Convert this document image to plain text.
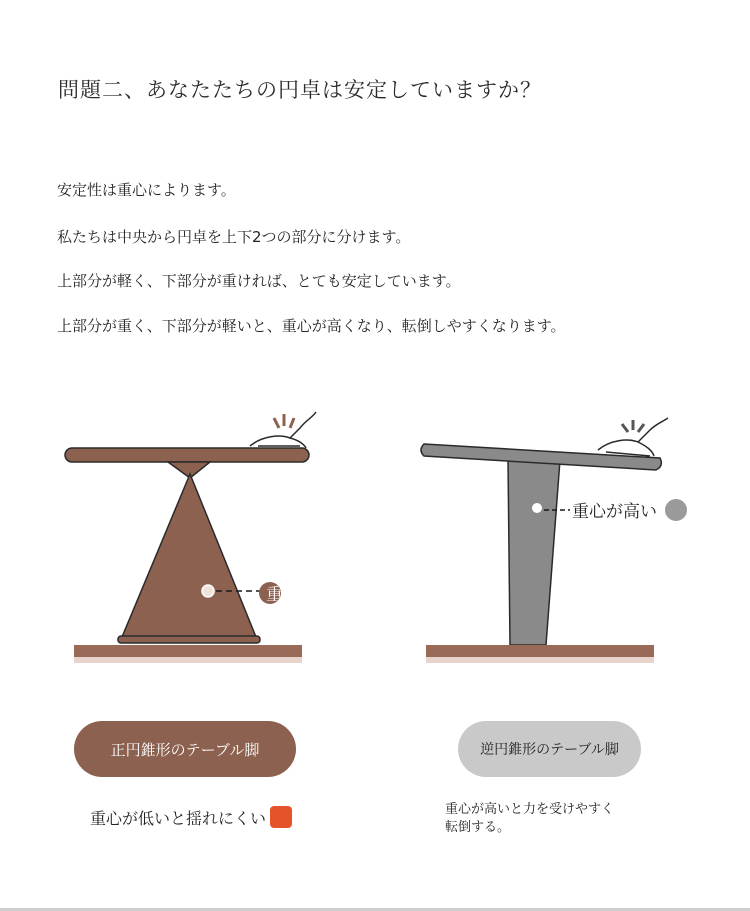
問題二、あなたたちの円卓は安定していますか？
安定性は重心によります。
私たちは中央から円卓を上下2つの部分に分けます。
上部分が軽く、下部分が重ければ、とても安定しています。
上部分が重く、下部分が軽いと、重心が高くなり、転倒しやすくなります。
重心が低い
重心が高い
正円錐形のテーブル脚	逆円錐形のテーブル脚
重心が低いと揺れにくい	重心が高いと力を受けやすく
転倒する。
